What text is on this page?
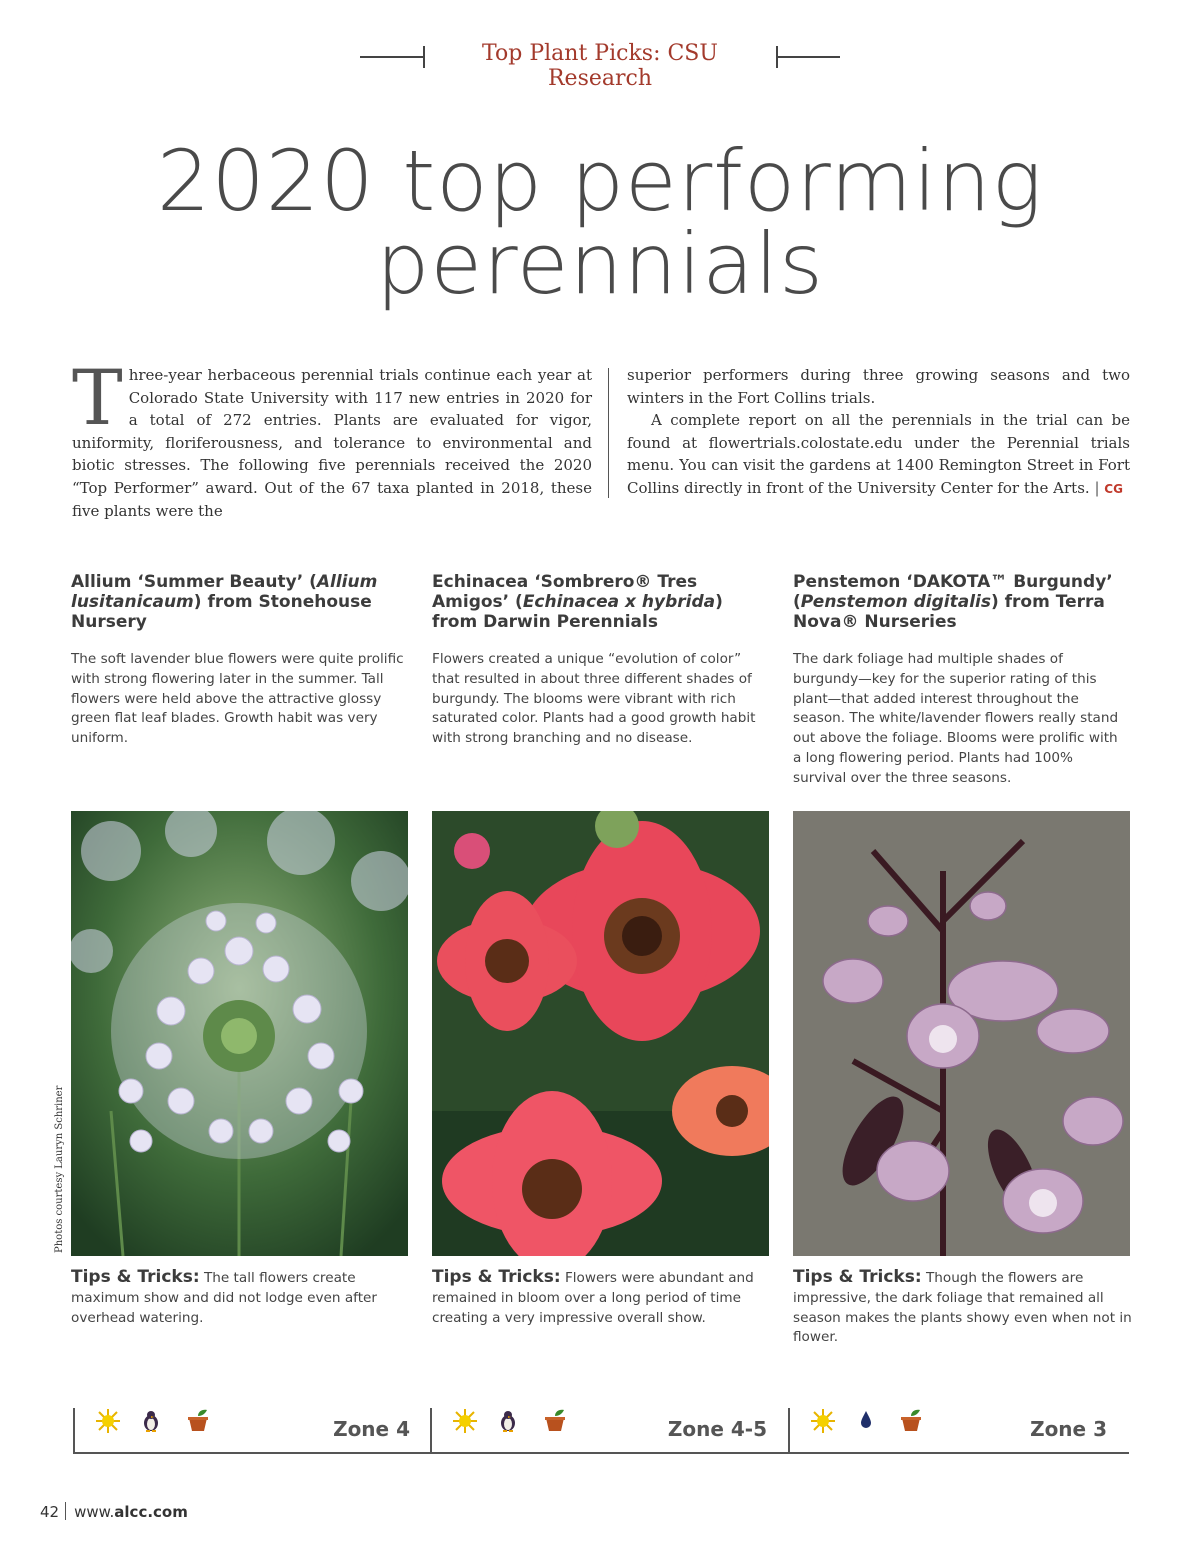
Top Plant Picks: CSU Research
2020 top performing
perennials
Three-year herbaceous perennial trials continue each year at Colorado State University with 117 new entries in 2020 for a total of 272 entries. Plants are evaluated for vigor, uniformity, floriferousness, and tolerance to environmental and biotic stresses. The following five perennials received the 2020 “Top Performer” award. Out of the 67 taxa planted in 2018, these five plants were the

superior performers during three growing seasons and two winters in the Fort Collins trials.

A complete report on all the perennials in the trial can be found at flowertrials.colostate.edu under the Perennial trials menu. You can visit the gardens at 1400 Remington Street in Fort Collins directly in front of the University Center for the Arts. | CG

Allium ‘Summer Beauty’ (Allium lusitanicaum) from Stonehouse Nursery
The soft lavender blue flowers were quite prolific with strong flowering later in the summer. Tall flowers were held above the attractive glossy green flat leaf blades. Growth habit was very uniform.
Echinacea ‘Sombrero® Tres Amigos’ (Echinacea x hybrida) from Darwin Perennials
Flowers created a unique “evolution of color” that resulted in about three different shades of burgundy. The blooms were vibrant with rich saturated color. Plants had a good growth habit with strong branching and no disease.
Penstemon ‘DAKOTA™ Burgundy’ (Penstemon digitalis) from Terra Nova® Nurseries
The dark foliage had multiple shades of burgundy—key for the superior rating of this plant—that added interest throughout the season. The white/lavender flowers really stand out above the foliage. Blooms were prolific with a long flowering period. Plants had 100% survival over the three seasons.
Photos courtesy Lauryn Schriner
Tips & Tricks: The tall flowers create maximum show and did not lodge even after overhead watering.
Tips & Tricks: Flowers were abundant and remained in bloom over a long period of time creating a very impressive overall show.
Tips & Tricks: Though the flowers are impressive, the dark foliage that remained all season makes the plants showy even when not in flower.
Zone 4	Zone 4-5	Zone 3
42 www.alcc.com
